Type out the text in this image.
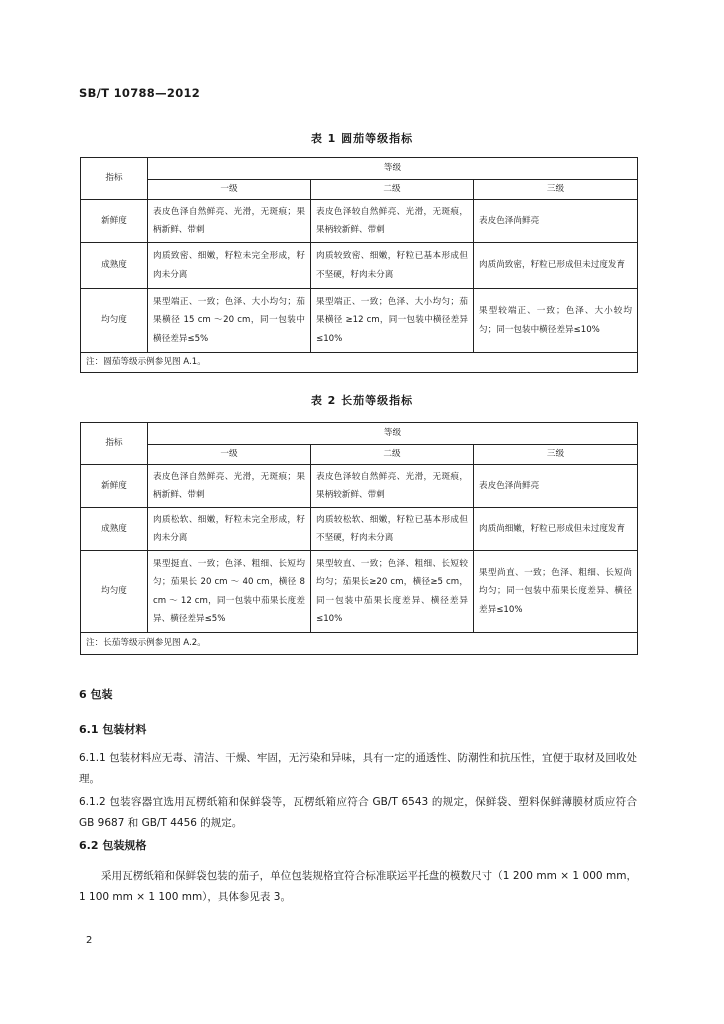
SB/T 10788—2012
表 1 圆茄等级指标
指标	等级		
	一级	二级	三级
新鲜度	表皮色泽自然鲜亮、光滑，无斑痕；果柄新鲜、带刺	表皮色泽较自然鲜亮、光滑，无斑痕，果柄较新鲜、带刺	表皮色泽尚鲜亮
成熟度	肉质致密、细嫩，籽粒未完全形成，籽肉未分离	肉质较致密、细嫩，籽粒已基本形成但不坚硬，籽肉未分离	肉质尚致密，籽粒已形成但未过度发育
均匀度	果型端正、一致；色泽、大小均匀；茄果横径 15 cm ～20 cm，同一包装中横径差异≤5%	果型端正、一致；色泽、大小均匀；茄果横径 ≥12 cm，同一包装中横径差异≤10%	果型较端正、一致；色泽、大小较均匀；同一包装中横径差异≤10%
注：圆茄等级示例参见图 A.1。			
表 2 长茄等级指标
指标	等级		
	一级	二级	三级
新鲜度	表皮色泽自然鲜亮、光滑，无斑痕；果柄新鲜、带刺	表皮色泽较自然鲜亮、光滑，无斑痕，果柄较新鲜、带刺	表皮色泽尚鲜亮
成熟度	肉质松软、细嫩，籽粒未完全形成，籽肉未分离	肉质较松软、细嫩，籽粒已基本形成但不坚硬，籽肉未分离	肉质尚细嫩，籽粒已形成但未过度发育
均匀度	果型挺直、一致；色泽、粗细、长短均匀；茄果长 20 cm ～ 40 cm，横径 8 cm ～ 12 cm，同一包装中茄果长度差异、横径差异≤5%	果型较直、一致；色泽、粗细、长短较均匀；茄果长≥20 cm，横径≥5 cm，同一包装中茄果长度差异、横径差异≤10%	果型尚直、一致；色泽、粗细、长短尚均匀；同一包装中茄果长度差异、横径差异≤10%
注：长茄等级示例参见图 A.2。			
6 包装
6.1 包装材料
6.1.1 包装材料应无毒、清洁、干燥、牢固，无污染和异味，具有一定的通透性、防潮性和抗压性，宜便于取材及回收处理。
6.1.2 包装容器宜选用瓦楞纸箱和保鲜袋等，瓦楞纸箱应符合 GB/T 6543 的规定，保鲜袋、塑料保鲜薄膜材质应符合 GB 9687 和 GB/T 4456 的规定。
6.2 包装规格
采用瓦楞纸箱和保鲜袋包装的茄子，单位包装规格宜符合标准联运平托盘的模数尺寸（1 200 mm × 1 000 mm，1 100 mm × 1 100 mm），具体参见表 3。
2
